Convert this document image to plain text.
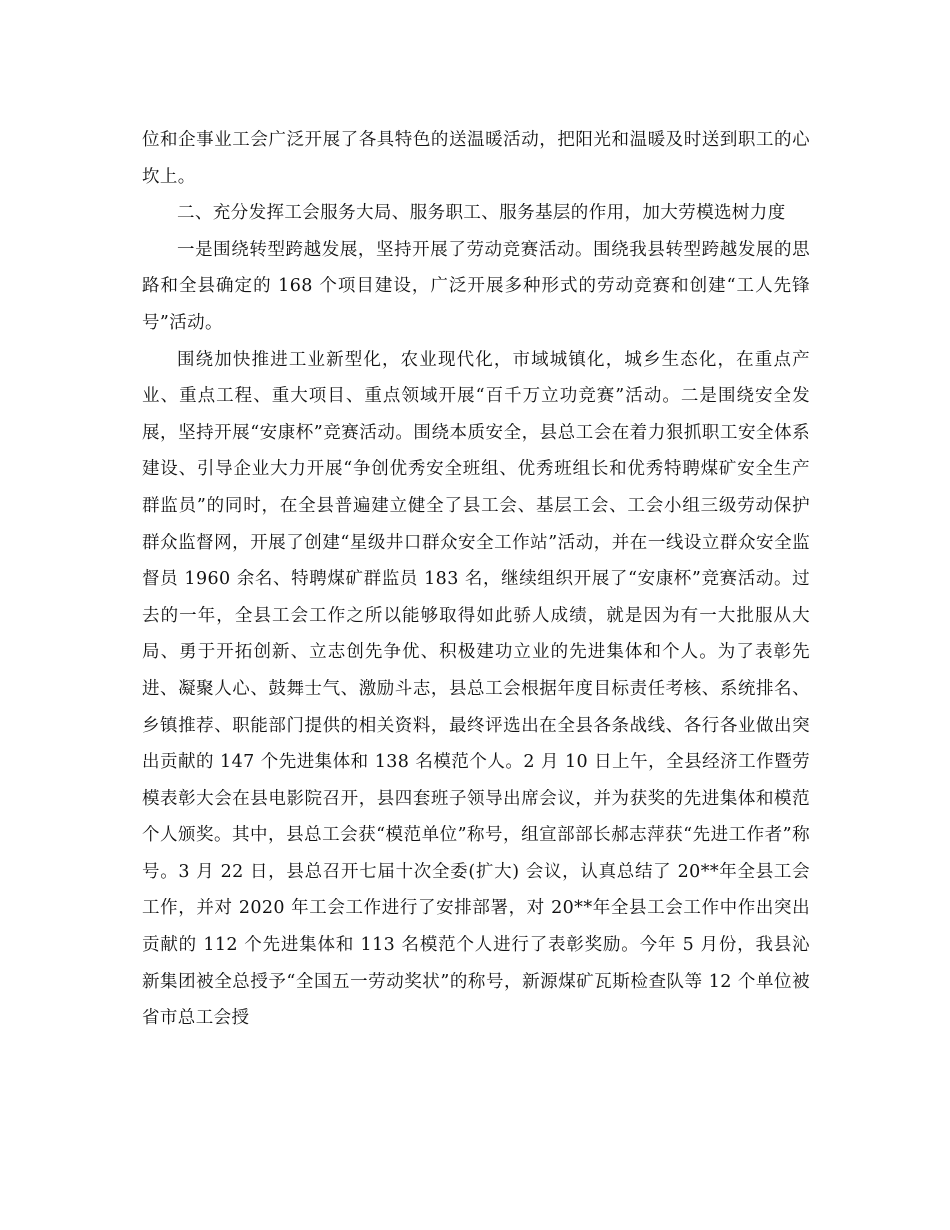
位和企事业工会广泛开展了各具特色的送温暖活动，把阳光和温暖及时送到职工的心坎上。

二、充分发挥工会服务大局、服务职工、服务基层的作用，加大劳模选树力度

一是围绕转型跨越发展，坚持开展了劳动竞赛活动。围绕我县转型跨越发展的思路和全县确定的 168 个项目建设，广泛开展多种形式的劳动竞赛和创建“工人先锋号”活动。

围绕加快推进工业新型化，农业现代化，市域城镇化，城乡生态化，在重点产业、重点工程、重大项目、重点领域开展“百千万立功竞赛”活动。二是围绕安全发展，坚持开展“安康杯”竞赛活动。围绕本质安全，县总工会在着力狠抓职工安全体系建设、引导企业大力开展“争创优秀安全班组、优秀班组长和优秀特聘煤矿安全生产群监员”的同时，在全县普遍建立健全了县工会、基层工会、工会小组三级劳动保护群众监督网，开展了创建“星级井口群众安全工作站”活动，并在一线设立群众安全监督员 1960 余名、特聘煤矿群监员 183 名，继续组织开展了“安康杯”竞赛活动。过去的一年，全县工会工作之所以能够取得如此骄人成绩，就是因为有一大批服从大局、勇于开拓创新、立志创先争优、积极建功立业的先进集体和个人。为了表彰先进、凝聚人心、鼓舞士气、激励斗志，县总工会根据年度目标责任考核、系统排名、乡镇推荐、职能部门提供的相关资料，最终评选出在全县各条战线、各行各业做出突出贡献的 147 个先进集体和 138 名模范个人。2 月 10 日上午，全县经济工作暨劳模表彰大会在县电影院召开，县四套班子领导出席会议，并为获奖的先进集体和模范个人颁奖。其中，县总工会获“模范单位”称号，组宣部部长郝志萍获“先进工作者”称号。3 月 22 日，县总召开七届十次全委(扩大) 会议，认真总结了 20**年全县工会工作，并对 2020 年工会工作进行了安排部署，对 20**年全县工会工作中作出突出贡献的 112 个先进集体和 113 名模范个人进行了表彰奖励。今年 5 月份，我县沁新集团被全总授予“全国五一劳动奖状”的称号，新源煤矿瓦斯检查队等 12 个单位被省市总工会授
